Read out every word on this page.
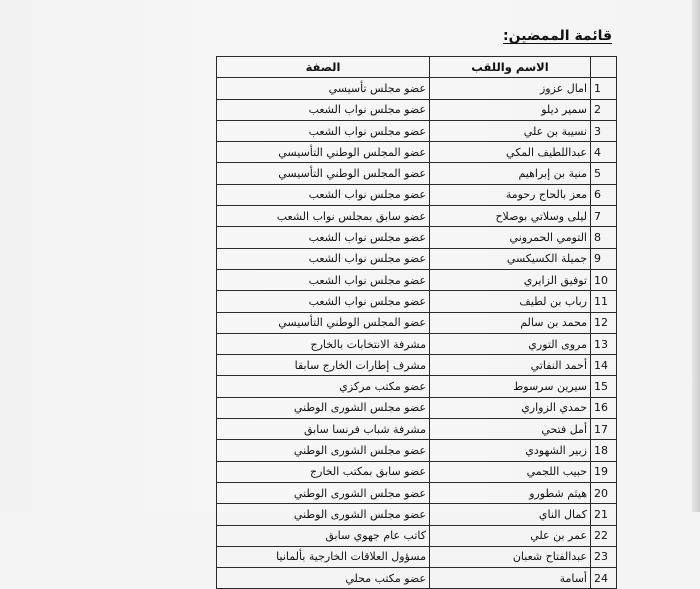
قائمة الممضين:
	الاسم واللقب	الصفة
1	امال عزوز	عضو مجلس تأسيسي
2	سمير ديلو	عضو مجلس نواب الشعب
3	نسيبة بن علي	عضو مجلس نواب الشعب
4	عبداللطيف المكي	عضو المجلس الوطني التأسيسي
5	منية بن إبراهيم	عضو المجلس الوطني التأسيسي
6	معز بالحاج رحومة	عضو مجلس نواب الشعب
7	ليلى وسلاتي بوصلاح	عضو سابق بمجلس نواب الشعب
8	التومي الحمروني	عضو مجلس نواب الشعب
9	جميلة الكسيكسي	عضو مجلس نواب الشعب
10	توفيق الزايري	عضو مجلس نواب الشعب
11	رباب بن لطيف	عضو مجلس نواب الشعب
12	محمد بن سالم	عضو المجلس الوطني التأسيسي
13	مروى التوري	مشرفة الانتخابات بالخارج
14	أحمد النفاتي	مشرف إطارات الخارج سابقا
15	سيرين سرسوط	عضو مكتب مركزي
16	حمدي الزواري	عضو مجلس الشورى الوطني
17	أمل فتحي	مشرفة شباب فرنسا سابق
18	زبير الشهودي	عضو مجلس الشورى الوطني
19	حبيب اللجمي	عضو سابق بمكتب الخارج
20	هيثم شطورو	عضو مجلس الشورى الوطني
21	كمال الناي	عضو مجلس الشورى الوطني
22	عمر بن علي	كاتب عام جهوي سابق
23	عبدالفتاح شعبان	مسؤول العلاقات الخارجية بألمانيا
24	أسامة	عضو مكتب محلي
